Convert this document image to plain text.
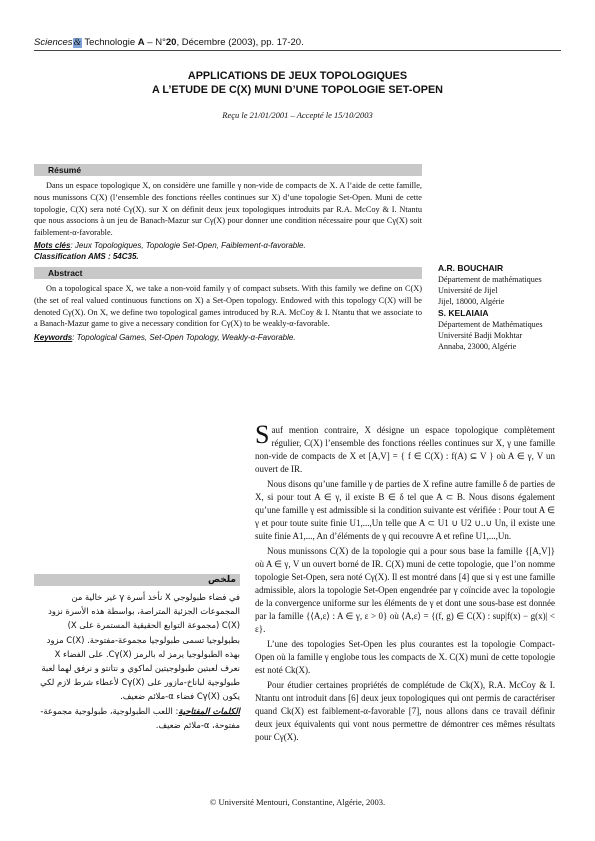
Sciences& Technologie A – N°20, Décembre (2003), pp. 17-20.
APPLICATIONS DE JEUX TOPOLOGIQUES
A L’ETUDE DE C(X) MUNI D’UNE TOPOLOGIE SET-OPEN
Reçu le 21/01/2001 – Accepté le 15/10/2003
Résumé

Dans un espace topologique X, on considère une famille γ non-vide de compacts de X. A l’aide de cette famille, nous munissons C(X) (l’ensemble des fonctions réelles continues sur X) d’une topologie Set-Open. Muni de cette topologie, C(X) sera noté Cγ(X). sur X on définit deux jeux topologiques introduits par R.A. McCoy & I. Ntantu que nous associons à un jeu de Banach-Mazur sur Cγ(X) pour donner une condition nécessaire pour que Cγ(X) soit faiblement-α-favorable.

Mots clés: Jeux Topologiques, Topologie Set-Open, Faiblement-α-favorable.
Classification AMS : 54C35.
Abstract

On a topological space X, we take a non-void family γ of compact subsets. With this family we define on C(X) (the set of real valued continuous functions on X) a Set-Open topology. Endowed with this topology C(X) will be denoted Cγ(X). On X, we define two topological games introduced by R.A. McCoy & I. Ntantu that we associate to a Banach-Mazur game to give a necessary condition for Cγ(X) to be weakly-α-favorable.

Keywords: Topological Games, Set-Open Topology, Weakly-α-Favorable.
A.R. BOUCHAIR
Département de mathématiques
Université de Jijel
Jijel, 18000, Algérie
S. KELAIAIA
Département de Mathématiques
Université Badji Mokhtar
Annaba, 23000, Algérie

Sauf mention contraire, X désigne un espace topologique complètement régulier, C(X) l’ensemble des fonctions réelles continues sur X, γ une famille non-vide de compacts de X et [A,V] = { f ∈ C(X) : f(A) ⊆ V } où A ∈ γ, V un ouvert de IR.

Nous disons qu’une famille γ de parties de X refine autre famille δ de parties de X, si pour tout A ∈ γ, il existe B ∈ δ tel que A ⊂ B. Nous disons également qu’une famille γ est admissible si la condition suivante est vérifiée : Pour tout A ∈ γ et pour toute suite finie U1,...,Un telle que A ⊂ U1 ∪ U2 ∪..∪ Un, il existe une suite finie A1,..., An d’éléments de γ qui recouvre A et refine U1,...,Un.

Nous munissons C(X) de la topologie qui a pour sous base la famille {[A,V]} où A ∈ γ, V un ouvert borné de IR. C(X) muni de cette topologie, que l’on nomme topologie Set-Open, sera noté Cγ(X). Il est montré dans [4] que si γ est une famille admissible, alors la topologie Set-Open engendrée par γ coïncide avec la topologie de la convergence uniforme sur les éléments de γ et dont une sous-base est donnée par la famille {⟨A,ε⟩ : A ∈ γ, ε > 0} où ⟨A,ε⟩ = {(f, g) ∈ C(X) : sup|f(x) − g(x)| < ε}.

L’une des topologies Set-Open les plus courantes est la topologie Compact-Open où la famille γ englobe tous les compacts de X. C(X) muni de cette topologie est noté Ck(X).

Pour étudier certaines propriétés de complétude de Ck(X), R.A. McCoy & I. Ntantu ont introduit dans [6] deux jeux topologiques qui ont permis de caractériser quand Ck(X) est faiblement-α-favorable [7], nous allons dans ce travail définir deux jeux équivalents qui vont nous permettre de démontrer ces mêmes résultats pour Cγ(X).

ملخص
في فضاء طبولوجي X نأخذ أسرة γ غير خالية من المجموعات الجزئية المتراصة، بواسطة هذه الأسرة نزود C(X) (مجموعة التوابع الحقيقية المستمرة على X) بطبولوجيا تسمى طبولوجيا مجموعة-مفتوحة. C(X) مزود بهذه الطبولوجيا يرمز له بالرمز Cγ(X). على الفضاء X نعرف لعبتين طبولوجيتين لماكوي و نتانتو و نرفق لهما لعبة طبولوجية لباناخ-مازور على Cγ(X) لأعطاء شرط لازم لكي يكون Cγ(X) فضاء α-ملائم ضعيف.
الكلمات المفتاحية: اللعب الطبولوجية، طبولوجية مجموعة-مفتوحة، α-ملائم ضعيف.
© Université Mentouri, Constantine, Algérie, 2003.
